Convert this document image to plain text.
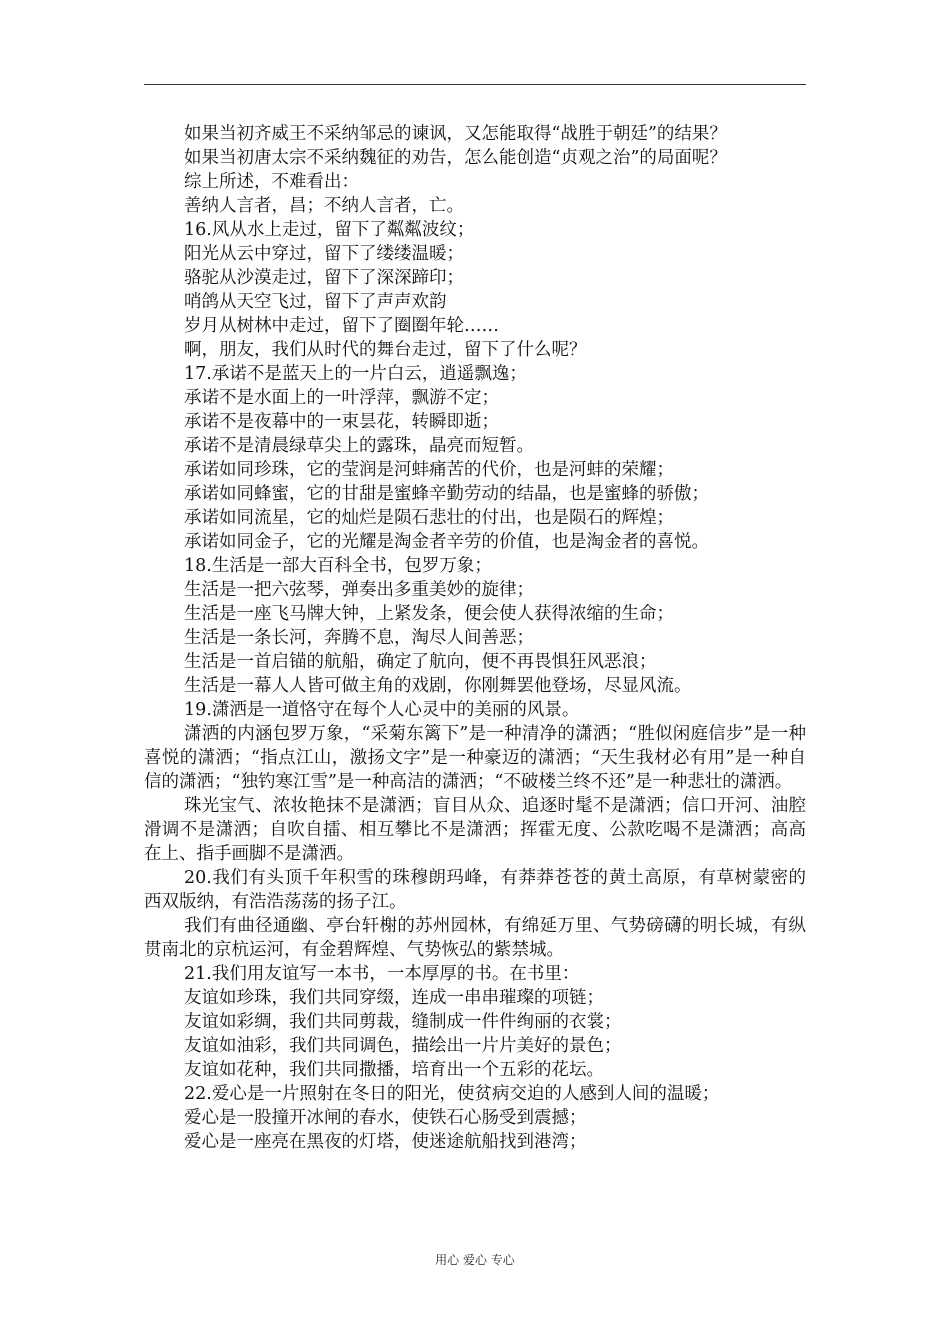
如果当初齐威王不采纳邹忌的谏讽，又怎能取得“战胜于朝廷”的结果？
如果当初唐太宗不采纳魏征的劝告，怎么能创造“贞观之治”的局面呢？
综上所述，不难看出：
善纳人言者，昌；不纳人言者，亡。
16.风从水上走过，留下了粼粼波纹；
阳光从云中穿过，留下了缕缕温暖；
骆驼从沙漠走过，留下了深深蹄印；
哨鸽从天空飞过，留下了声声欢韵
岁月从树林中走过，留下了圈圈年轮……
啊，朋友，我们从时代的舞台走过，留下了什么呢？
17.承诺不是蓝天上的一片白云，逍遥飘逸；
承诺不是水面上的一叶浮萍，飘游不定；
承诺不是夜幕中的一束昙花，转瞬即逝；
承诺不是清晨绿草尖上的露珠，晶亮而短暂。
承诺如同珍珠，它的莹润是河蚌痛苦的代价，也是河蚌的荣耀；
承诺如同蜂蜜，它的甘甜是蜜蜂辛勤劳动的结晶，也是蜜蜂的骄傲；
承诺如同流星，它的灿烂是陨石悲壮的付出，也是陨石的辉煌；
承诺如同金子，它的光耀是淘金者辛劳的价值，也是淘金者的喜悦。
18.生活是一部大百科全书，包罗万象；
生活是一把六弦琴，弹奏出多重美妙的旋律；
生活是一座飞马牌大钟，上紧发条，便会使人获得浓缩的生命；
生活是一条长河，奔腾不息，淘尽人间善恶；
生活是一首启锚的航船，确定了航向，便不再畏惧狂风恶浪；
生活是一幕人人皆可做主角的戏剧，你刚舞罢他登场，尽显风流。
19.潇洒是一道恪守在每个人心灵中的美丽的风景。
潇洒的内涵包罗万象，“采菊东篱下”是一种清净的潇洒；“胜似闲庭信步”是一种喜悦的潇洒；“指点江山，激扬文字”是一种豪迈的潇洒；“天生我材必有用”是一种自信的潇洒；“独钓寒江雪”是一种高洁的潇洒；“不破楼兰终不还”是一种悲壮的潇洒。
珠光宝气、浓妆艳抹不是潇洒；盲目从众、追逐时髦不是潇洒；信口开河、油腔滑调不是潇洒；自吹自擂、相互攀比不是潇洒；挥霍无度、公款吃喝不是潇洒；高高在上、指手画脚不是潇洒。
20.我们有头顶千年积雪的珠穆朗玛峰，有莽莽苍苍的黄土高原，有草树蒙密的西双版纳，有浩浩荡荡的扬子江。
我们有曲径通幽、亭台轩榭的苏州园林，有绵延万里、气势磅礴的明长城，有纵贯南北的京杭运河，有金碧辉煌、气势恢弘的紫禁城。
21.我们用友谊写一本书，一本厚厚的书。在书里：
友谊如珍珠，我们共同穿缀，连成一串串璀璨的项链；
友谊如彩绸，我们共同剪裁，缝制成一件件绚丽的衣裳；
友谊如油彩，我们共同调色，描绘出一片片美好的景色；
友谊如花种，我们共同撒播，培育出一个五彩的花坛。
22.爱心是一片照射在冬日的阳光，使贫病交迫的人感到人间的温暖；
爱心是一股撞开冰闸的春水，使铁石心肠受到震撼；
爱心是一座亮在黑夜的灯塔，使迷途航船找到港湾；
用心 爱心 专心
